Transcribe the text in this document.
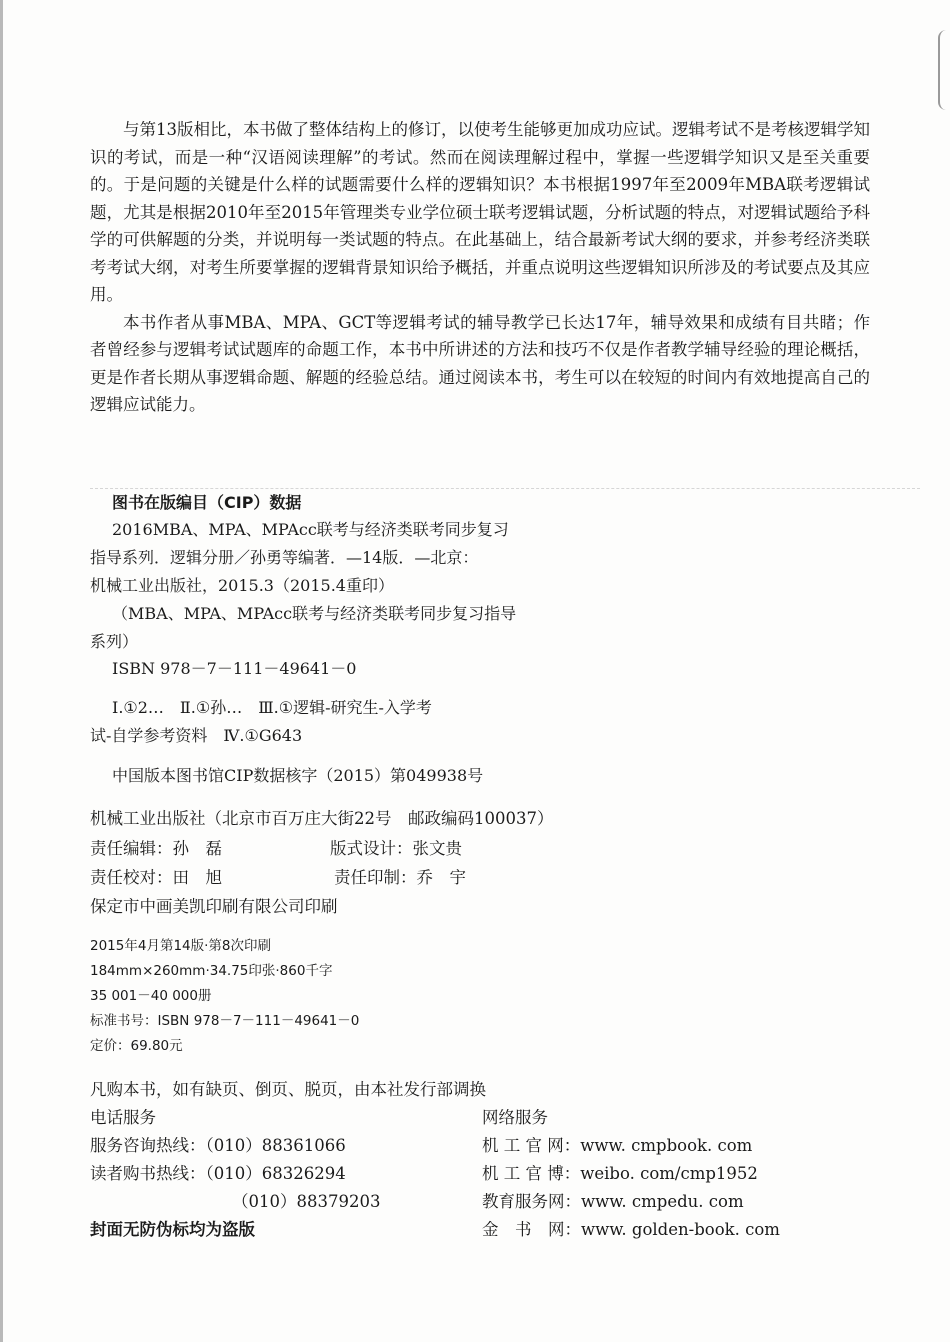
与第13版相比，本书做了整体结构上的修订，以使考生能够更加成功应试。逻辑考试不是考核逻辑学知识的考试，而是一种“汉语阅读理解”的考试。然而在阅读理解过程中，掌握一些逻辑学知识又是至关重要的。于是问题的关键是什么样的试题需要什么样的逻辑知识？本书根据1997年至2009年MBA联考逻辑试题，尤其是根据2010年至2015年管理类专业学位硕士联考逻辑试题，分析试题的特点，对逻辑试题给予科学的可供解题的分类，并说明每一类试题的特点。在此基础上，结合最新考试大纲的要求，并参考经济类联考考试大纲，对考生所要掌握的逻辑背景知识给予概括，并重点说明这些逻辑知识所涉及的考试要点及其应用。

本书作者从事MBA、MPA、GCT等逻辑考试的辅导教学已长达17年，辅导效果和成绩有目共睹；作者曾经参与逻辑考试试题库的命题工作，本书中所讲述的方法和技巧不仅是作者教学辅导经验的理论概括，更是作者长期从事逻辑命题、解题的经验总结。通过阅读本书，考生可以在较短的时间内有效地提高自己的逻辑应试能力。

图书在版编目（CIP）数据
2016MBA、MPA、MPAcc联考与经济类联考同步复习
指导系列．逻辑分册／孙勇等编著．—14版．—北京：
机械工业出版社，2015.3（2015.4重印）
（MBA、MPA、MPAcc联考与经济类联考同步复习指导
系列）
ISBN 978－7－111－49641－0
Ⅰ.①2…　Ⅱ.①孙…　Ⅲ.①逻辑-研究生-入学考
试-自学参考资料　Ⅳ.①G643
中国版本图书馆CIP数据核字（2015）第049938号
机械工业出版社（北京市百万庄大街22号　邮政编码100037）
责任编辑：孙　磊	版式设计：张文贵
责任校对：田　旭	责任印制：乔　宇
保定市中画美凯印刷有限公司印刷
2015年4月第14版·第8次印刷
184mm×260mm·34.75印张·860千字
35 001－40 000册
标准书号：ISBN 978－7－111－49641－0
定价：69.80元
凡购本书，如有缺页、倒页、脱页，由本社发行部调换
电话服务
服务咨询热线：（010）88361066
读者购书热线：（010）68326294
（010）88379203
网络服务
机 工 官 网：www. cmpbook. com
机 工 官 博：weibo. com/cmp1952
教育服务网：www. cmpedu. com
金　书　网：www. golden-book. com
封面无防伪标均为盗版
